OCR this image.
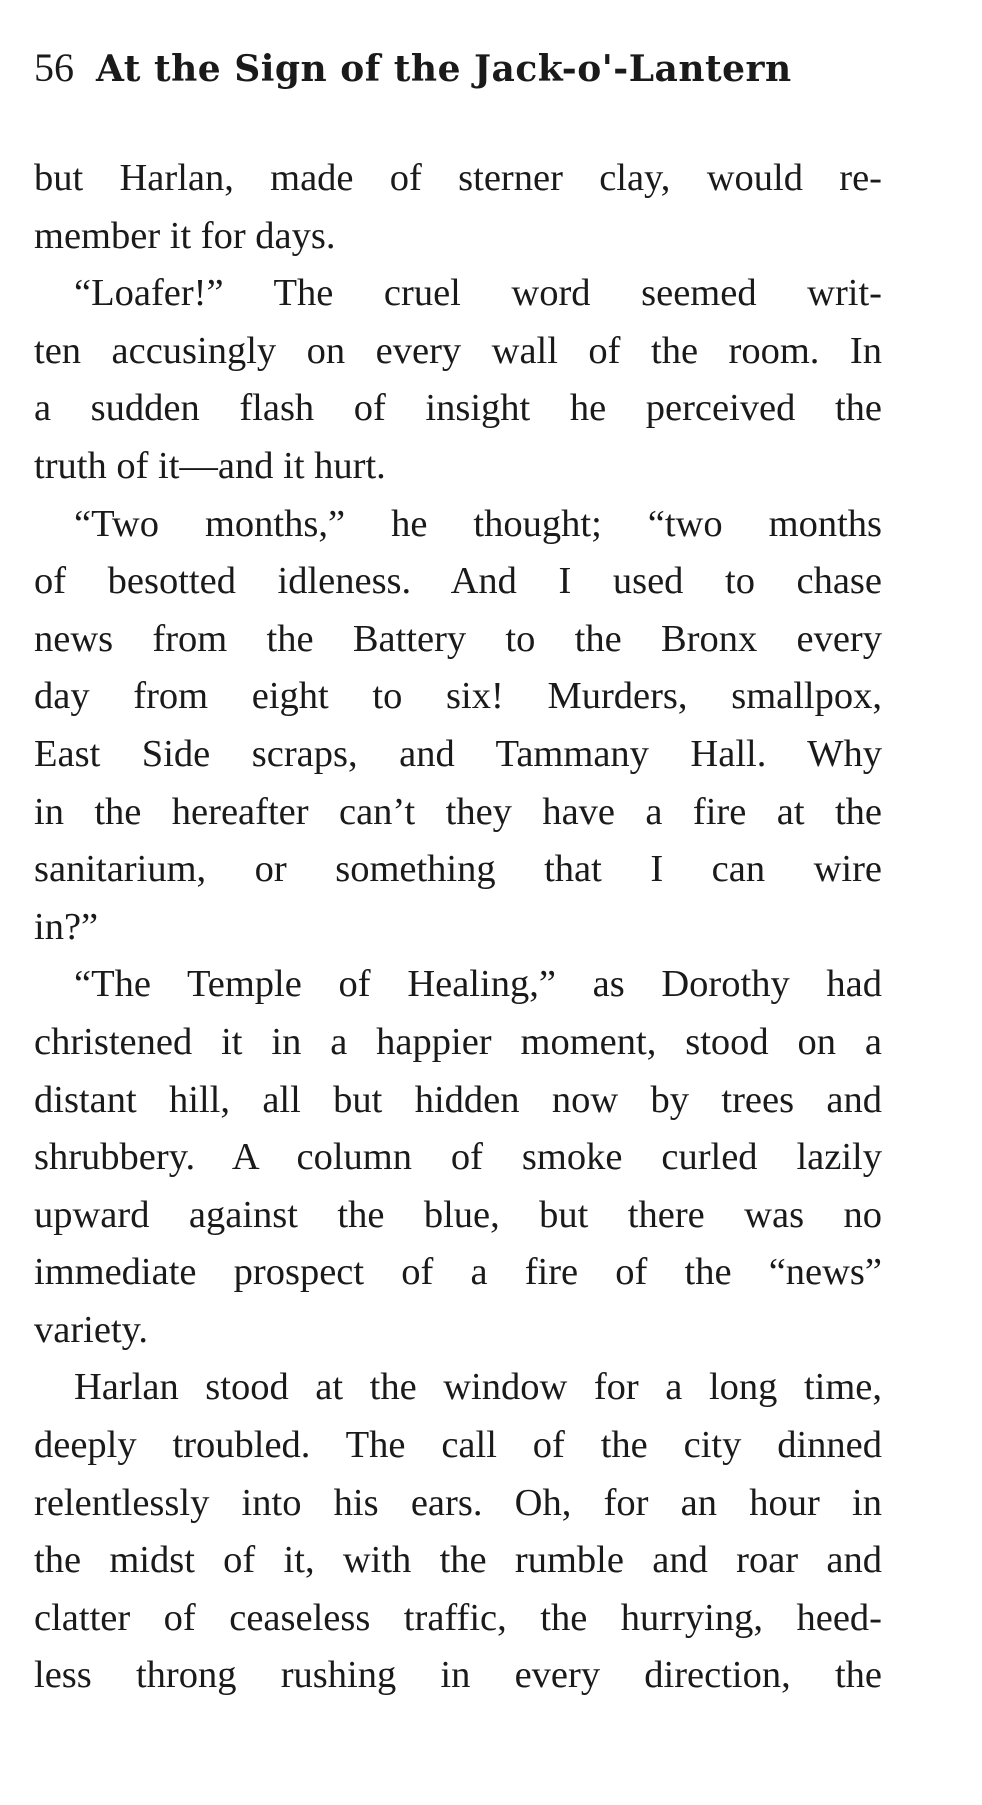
56 At the Sign of the Jack-o'-Lantern
but Harlan, made of sterner clay, would re-
member it for days.
“Loafer!” The cruel word seemed writ-
ten accusingly on every wall of the room. In
a sudden flash of insight he perceived the
truth of it—and it hurt.
“Two months,” he thought; “two months
of besotted idleness. And I used to chase
news from the Battery to the Bronx every
day from eight to six! Murders, smallpox,
East Side scraps, and Tammany Hall. Why
in the hereafter can’t they have a fire at the
sanitarium, or something that I can wire
in?”
“The Temple of Healing,” as Dorothy had
christened it in a happier moment, stood on a
distant hill, all but hidden now by trees and
shrubbery. A column of smoke curled lazily
upward against the blue, but there was no
immediate prospect of a fire of the “news”
variety.
Harlan stood at the window for a long time,
deeply troubled. The call of the city dinned
relentlessly into his ears. Oh, for an hour in
the midst of it, with the rumble and roar and
clatter of ceaseless traffic, the hurrying, heed-
less throng rushing in every direction, the
